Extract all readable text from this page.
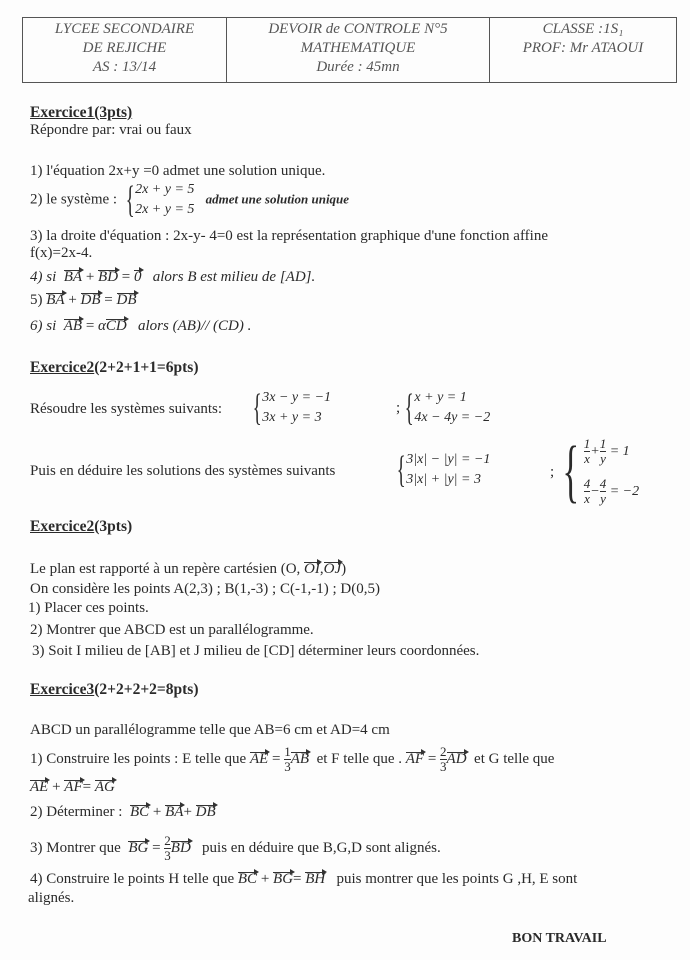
LYCEE SECONDAIRE
DE REJICHE
AS : 13/14
DEVOIR de CONTROLE N°5
MATHEMATIQUE
Durée : 45mn
CLASSE :1S₁
PROF: Mr ATAOUI
Exercice1(3pts)
Répondre par: vrai ou faux
1) l'équation 2x+y =0 admet une solution unique.
2) le système : { 2x + y = 5
2x + y = 5
admet une solution unique
3) la droite d'équation : 2x-y- 4=0 est la représentation graphique d'une fonction affine
f(x)=2x-4.
4) si BA + BD = 0 alors B est milieu de [AD].
5) BA + DB = DB
6) si AB = αCD alors (AB)// (CD) .
Exercice2(2+2+1+1=6pts)
Résoudre les systèmes suivants: { 3x − y = −1
3x + y = 3
; { x + y = 1
4x − 4y = −2
Puis en déduire les solutions des systèmes suivants { 3|x| − |y| = −1
3|x| + |y| = 3	; { $\frac{1}{x} + \frac{1}{y} = 1$
$\frac{4}{x} - \frac{4}{y} = -2$
Exercice2(3pts)
Le plan est rapporté à un repère cartésien (O, OI,OJ)
On considère les points A(2,3) ; B(1,-3) ; C(-1,-1) ; D(0,5)
1) Placer ces points.
2) Montrer que ABCD est un parallélogramme.
3) Soit I milieu de [AB] et J milieu de [CD] déterminer leurs coordonnées.
Exercice3(2+2+2+2=8pts)
ABCD un parallélogramme telle que AB=6 cm et AD=4 cm
1) Construire les points : E telle que AE = $\frac{1}{3}$ AB et F telle que . AF = $\frac{2}{3}$ AD et G telle que
AE + AF= AG
2) Déterminer : BC + BA+ DB
3) Montrer que BG = $\frac{2}{3}$ BD puis en déduire que B,G,D sont alignés.
4) Construire le points H telle que BC + BG= BH puis montrer que les points G ,H, E sont
alignés.
BON TRAVAIL
